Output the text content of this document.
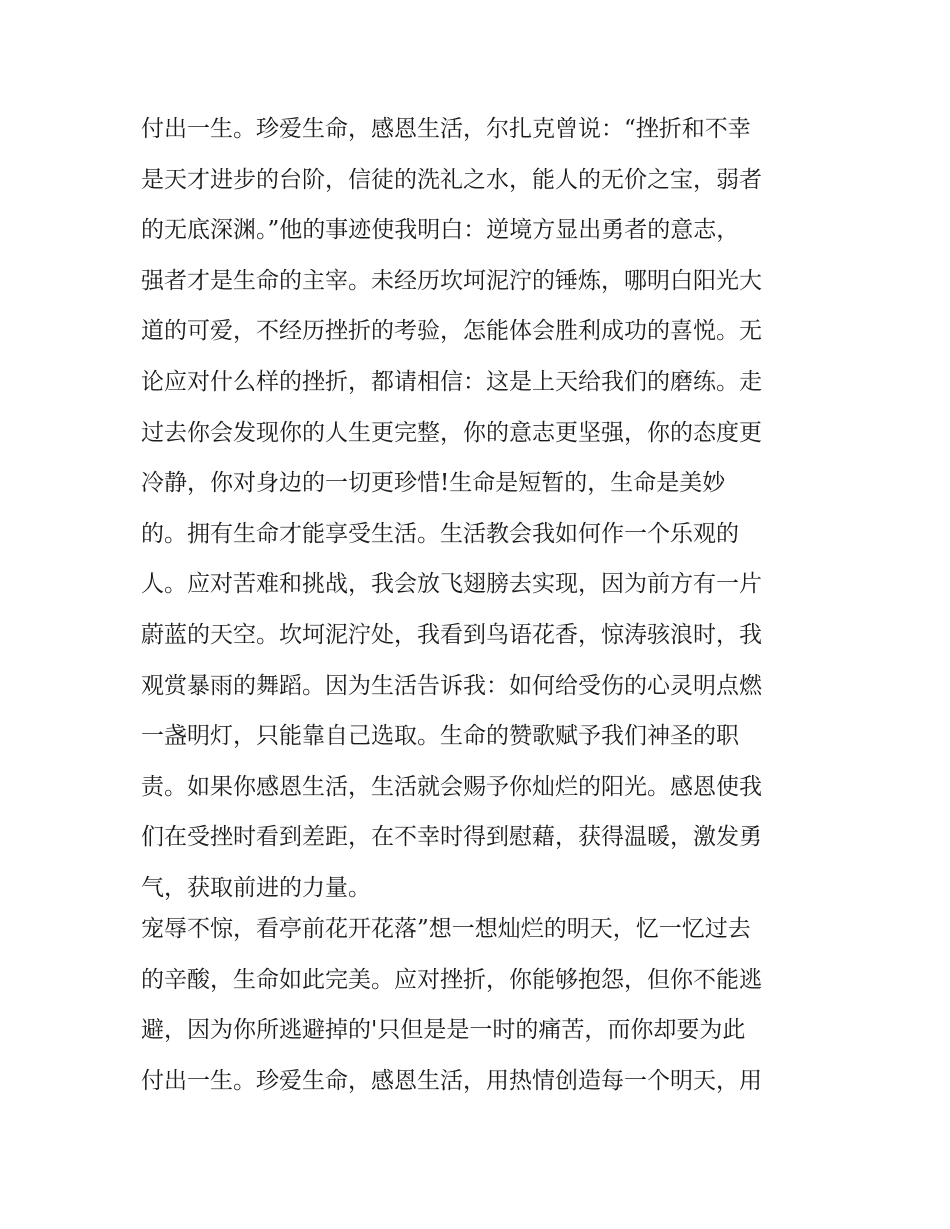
付出一生。珍爱生命，感恩生活，尔扎克曾说：“挫折和不幸
是天才进步的台阶，信徒的洗礼之水，能人的无价之宝，弱者
的无底深渊。”他的事迹使我明白：逆境方显出勇者的意志，
强者才是生命的主宰。未经历坎坷泥泞的锤炼，哪明白阳光大
道的可爱，不经历挫折的考验，怎能体会胜利成功的喜悦。无
论应对什么样的挫折，都请相信：这是上天给我们的磨练。走
过去你会发现你的人生更完整，你的意志更坚强，你的态度更
冷静，你对身边的一切更珍惜!生命是短暂的，生命是美妙
的。拥有生命才能享受生活。生活教会我如何作一个乐观的
人。应对苦难和挑战，我会放飞翅膀去实现，因为前方有一片
蔚蓝的天空。坎坷泥泞处，我看到鸟语花香，惊涛骇浪时，我
观赏暴雨的舞蹈。因为生活告诉我：如何给受伤的心灵明点燃
一盏明灯，只能靠自己选取。生命的赞歌赋予我们神圣的职
责。如果你感恩生活，生活就会赐予你灿烂的阳光。感恩使我
们在受挫时看到差距，在不幸时得到慰藉，获得温暖，激发勇
气，获取前进的力量。
宠辱不惊，看亭前花开花落”想一想灿烂的明天，忆一忆过去
的辛酸，生命如此完美。应对挫折，你能够抱怨，但你不能逃
避，因为你所逃避掉的'只但是是一时的痛苦，而你却要为此
付出一生。珍爱生命，感恩生活，用热情创造每一个明天，用
